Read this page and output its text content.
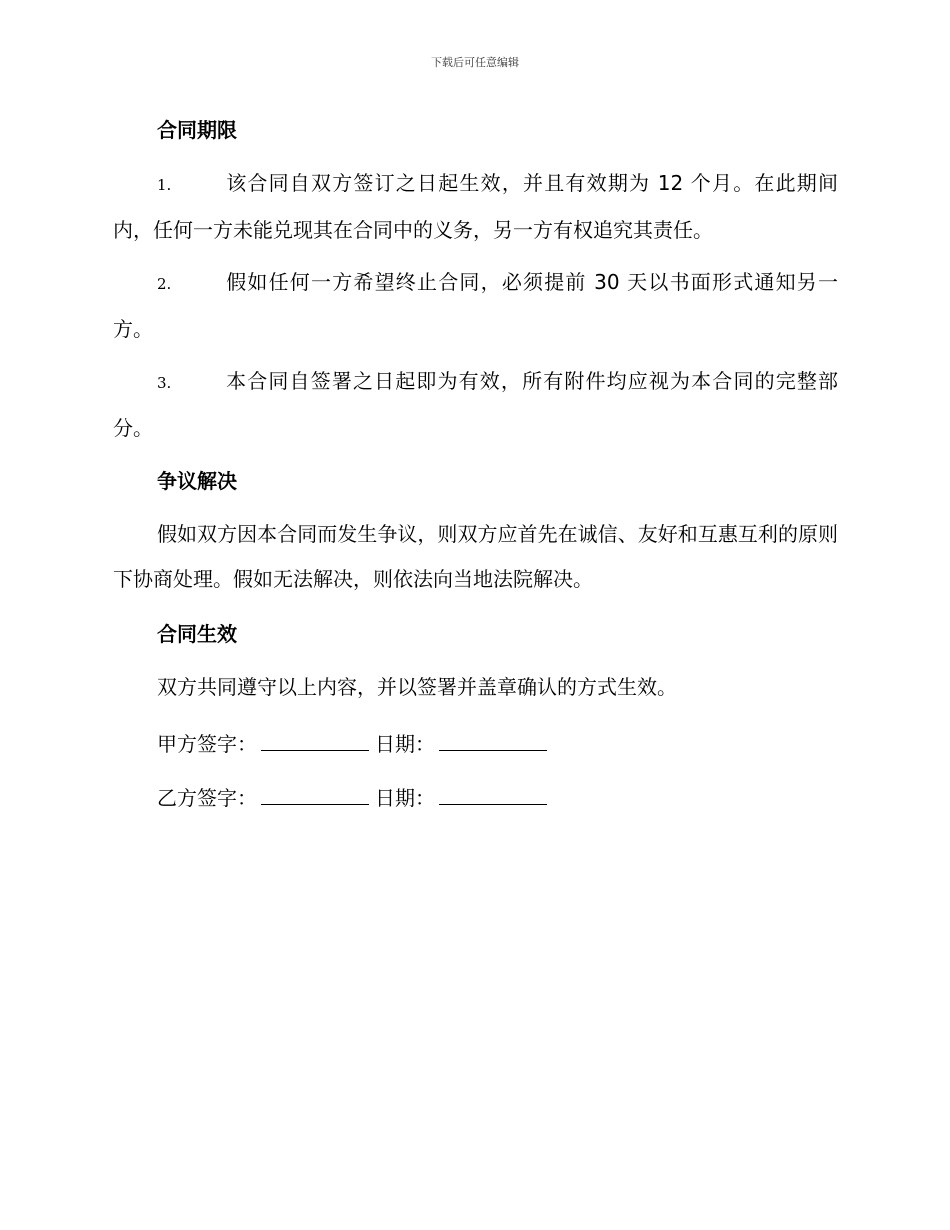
下载后可任意编辑
合同期限
1.	该合同自双方签订之日起生效，并且有效期为 12 个月。在此期间内，任何一方未能兑现其在合同中的义务，另一方有权追究其责任。
2.	假如任何一方希望终止合同，必须提前 30 天以书面形式通知另一方。
3.	本合同自签署之日起即为有效，所有附件均应视为本合同的完整部分。
争议解决
假如双方因本合同而发生争议，则双方应首先在诚信、友好和互惠互利的原则下协商处理。假如无法解决，则依法向当地法院解决。
合同生效
双方共同遵守以上内容，并以签署并盖章确认的方式生效。
甲方签字：	日期：
乙方签字：	日期：
